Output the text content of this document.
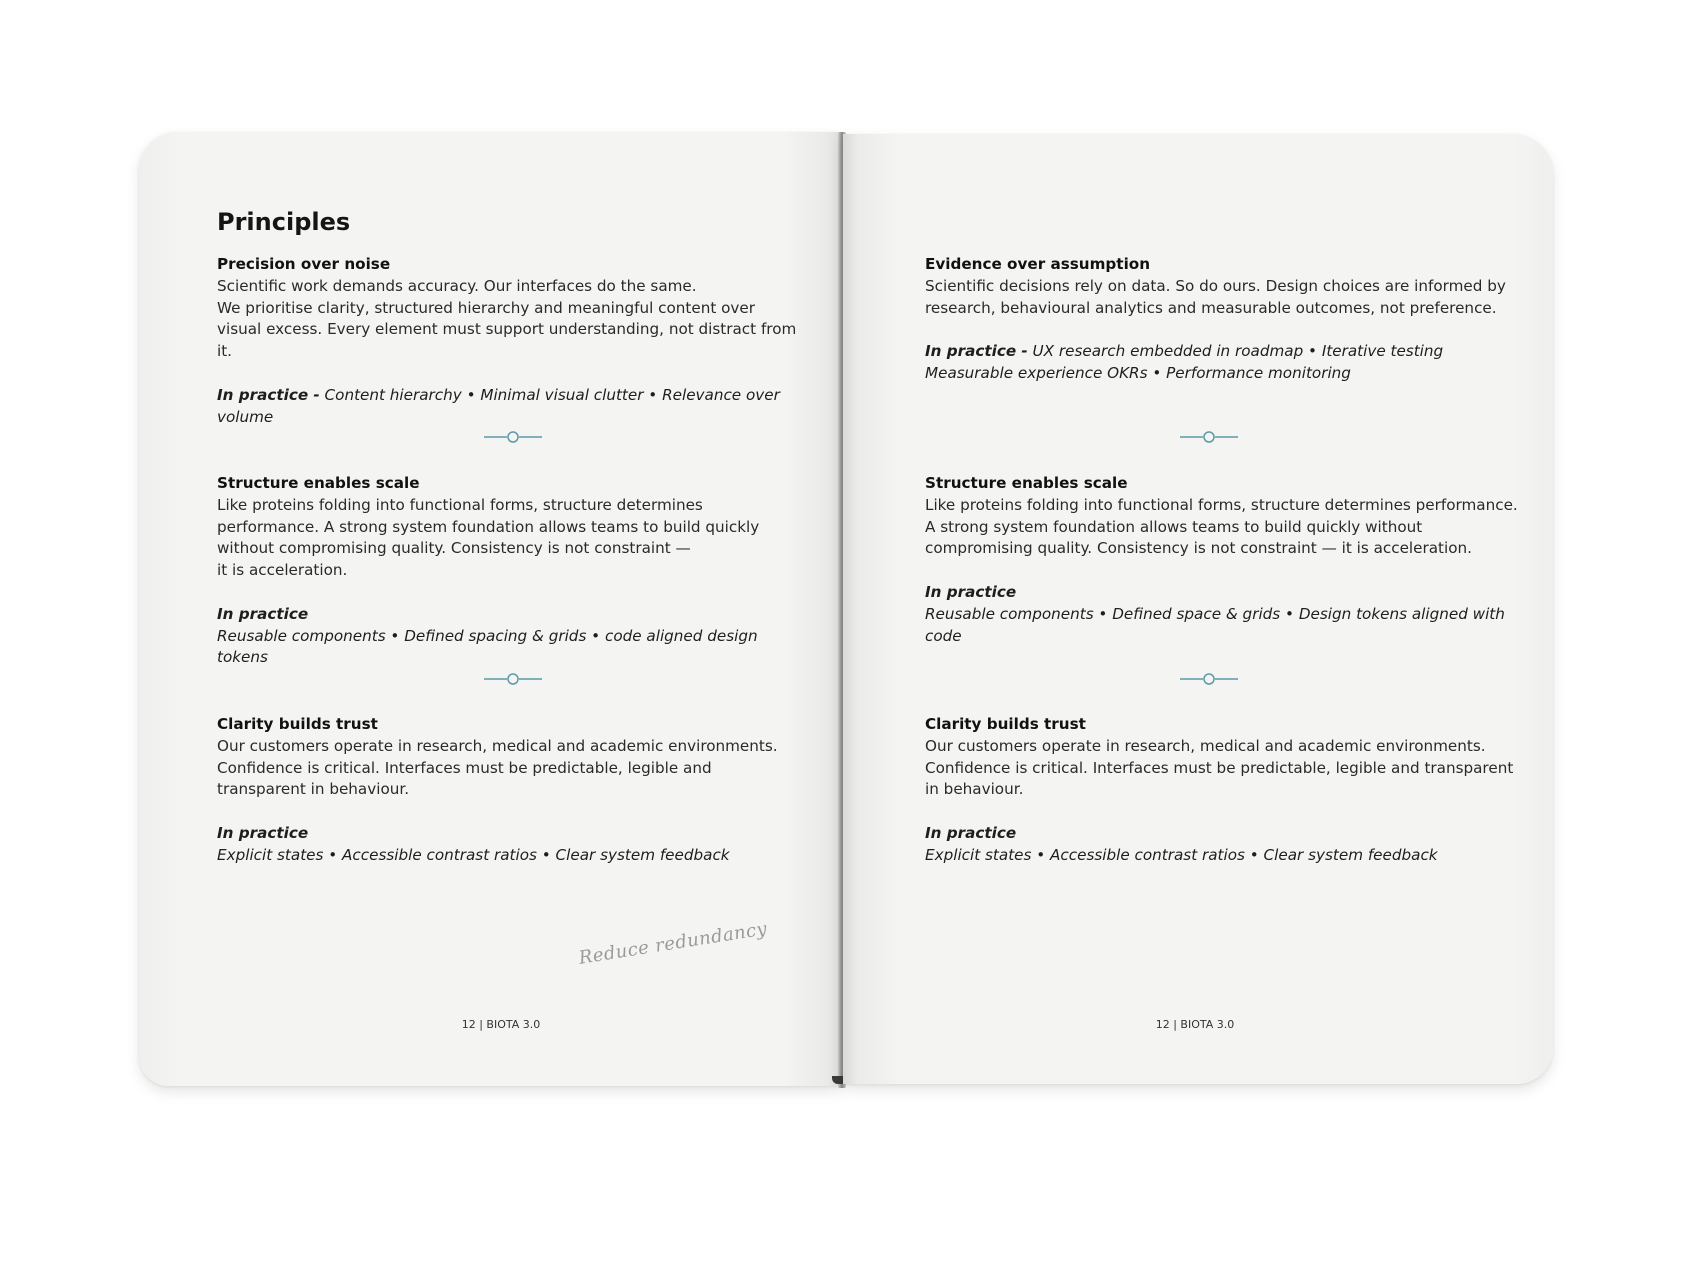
Principles
Precision over noise
Scientific work demands accuracy. Our interfaces do the same.
We prioritise clarity, structured hierarchy and meaningful content over visual excess. Every element must support understanding, not distract from it.
In practice - Content hierarchy • Minimal visual clutter • Relevance over volume
Structure enables scale
Like proteins folding into functional forms, structure determines performance. A strong system foundation allows teams to build quickly without compromising quality. Consistency is not constraint —
it is acceleration.
In practice
Reusable components • Defined spacing & grids • code aligned design tokens
Clarity builds trust
Our customers operate in research, medical and academic environments. Confidence is critical. Interfaces must be predictable, legible and transparent in behaviour.
In practice
Explicit states • Accessible contrast ratios • Clear system feedback
Reduce redundancy
12 | BIOTA 3.0
Evidence over assumption
Scientific decisions rely on data. So do ours. Design choices are informed by research, behavioural analytics and measurable outcomes, not preference.
In practice - UX research embedded in roadmap • Iterative testing
Measurable experience OKRs • Performance monitoring
Structure enables scale
Like proteins folding into functional forms, structure determines performance. A strong system foundation allows teams to build quickly without compromising quality. Consistency is not constraint — it is acceleration.
In practice
Reusable components • Defined space & grids • Design tokens aligned with code
Clarity builds trust
Our customers operate in research, medical and academic environments. Confidence is critical. Interfaces must be predictable, legible and transparent in behaviour.
In practice
Explicit states • Accessible contrast ratios • Clear system feedback
12 | BIOTA 3.0
